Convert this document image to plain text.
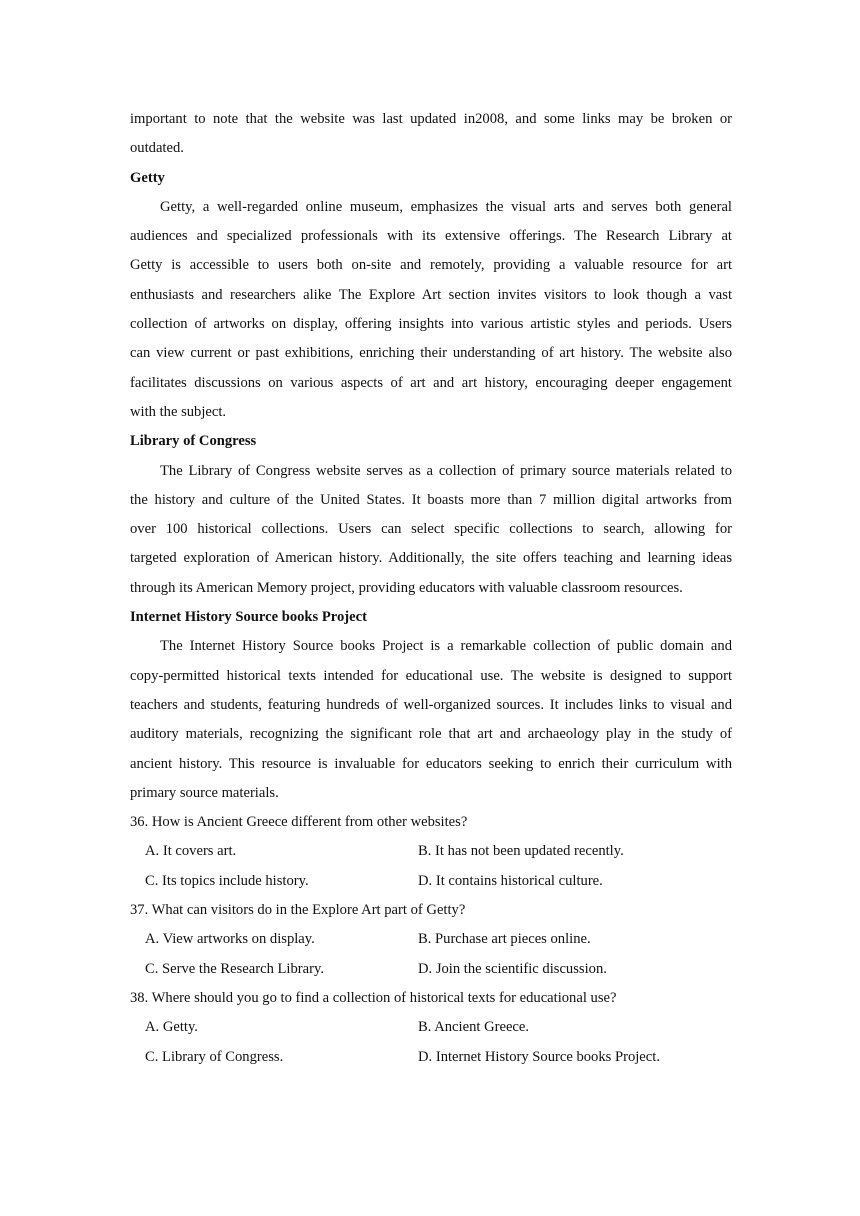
important to note that the website was last updated in2008, and some links may be broken or
outdated.
Getty
Getty, a well-regarded online museum, emphasizes the visual arts and serves both general
audiences and specialized professionals with its extensive offerings. The Research Library at
Getty is accessible to users both on-site and remotely, providing a valuable resource for art
enthusiasts and researchers alike The Explore Art section invites visitors to look though a vast
collection of artworks on display, offering insights into various artistic styles and periods. Users
can view current or past exhibitions, enriching their understanding of art history. The website also
facilitates discussions on various aspects of art and art history, encouraging deeper engagement
with the subject.
Library of Congress
The Library of Congress website serves as a collection of primary source materials related to
the history and culture of the United States. It boasts more than 7 million digital artworks from
over 100 historical collections. Users can select specific collections to search, allowing for
targeted exploration of American history. Additionally, the site offers teaching and learning ideas
through its American Memory project, providing educators with valuable classroom resources.
Internet History Source books Project
The Internet History Source books Project is a remarkable collection of public domain and
copy-permitted historical texts intended for educational use. The website is designed to support
teachers and students, featuring hundreds of well-organized sources. It includes links to visual and
auditory materials, recognizing the significant role that art and archaeology play in the study of
ancient history. This resource is invaluable for educators seeking to enrich their curriculum with
primary source materials.
36. How is Ancient Greece different from other websites?
A. It covers art.	B. It has not been updated recently.
C. Its topics include history.	D. It contains historical culture.
37. What can visitors do in the Explore Art part of Getty?
A. View artworks on display.	B. Purchase art pieces online.
C. Serve the Research Library.	D. Join the scientific discussion.
38. Where should you go to find a collection of historical texts for educational use?
A. Getty.	B. Ancient Greece.
C. Library of Congress.	D. Internet History Source books Project.
